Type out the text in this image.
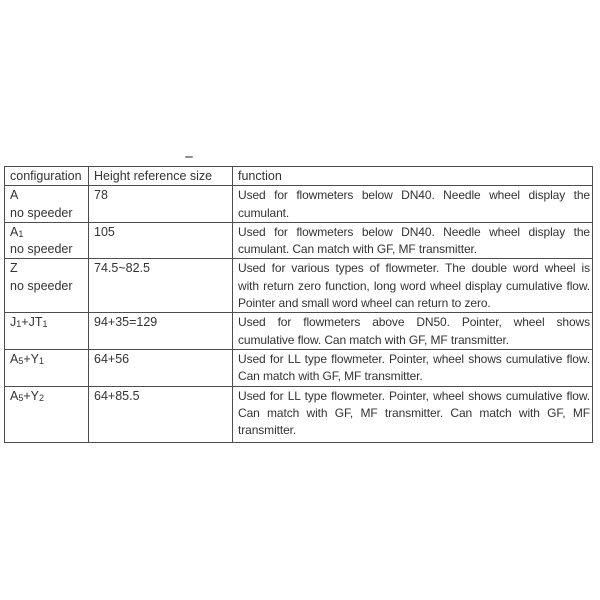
configuration	Height reference size	function

A
no speeder
	78	Used for flowmeters below DN40. Needle wheel display the
cumulant.

$A_1$
no speeder
	105	Used for flowmeters below DN40. Needle wheel display the
cumulant. Can match with GF, MF transmitter.

Z
no speeder
	74.5~82.5	Used for various types of flowmeter. The double word wheel is
with return zero function, long word wheel display cumulative flow.
Pointer and small word wheel can return to zero.

$J_1+JT_1$	94+35=129	Used for flowmeters above DN50. Pointer, wheel shows
cumulative flow. Can match with GF, MF transmitter.

$A_5+Y_1$	64+56	Used for LL type flowmeter. Pointer, wheel shows cumulative flow.
Can match with GF, MF transmitter.

$A_5+Y_2$	64+85.5	Used for LL type flowmeter. Pointer, wheel shows cumulative flow.
Can match with GF, MF transmitter. Can match with GF, MF
transmitter.
